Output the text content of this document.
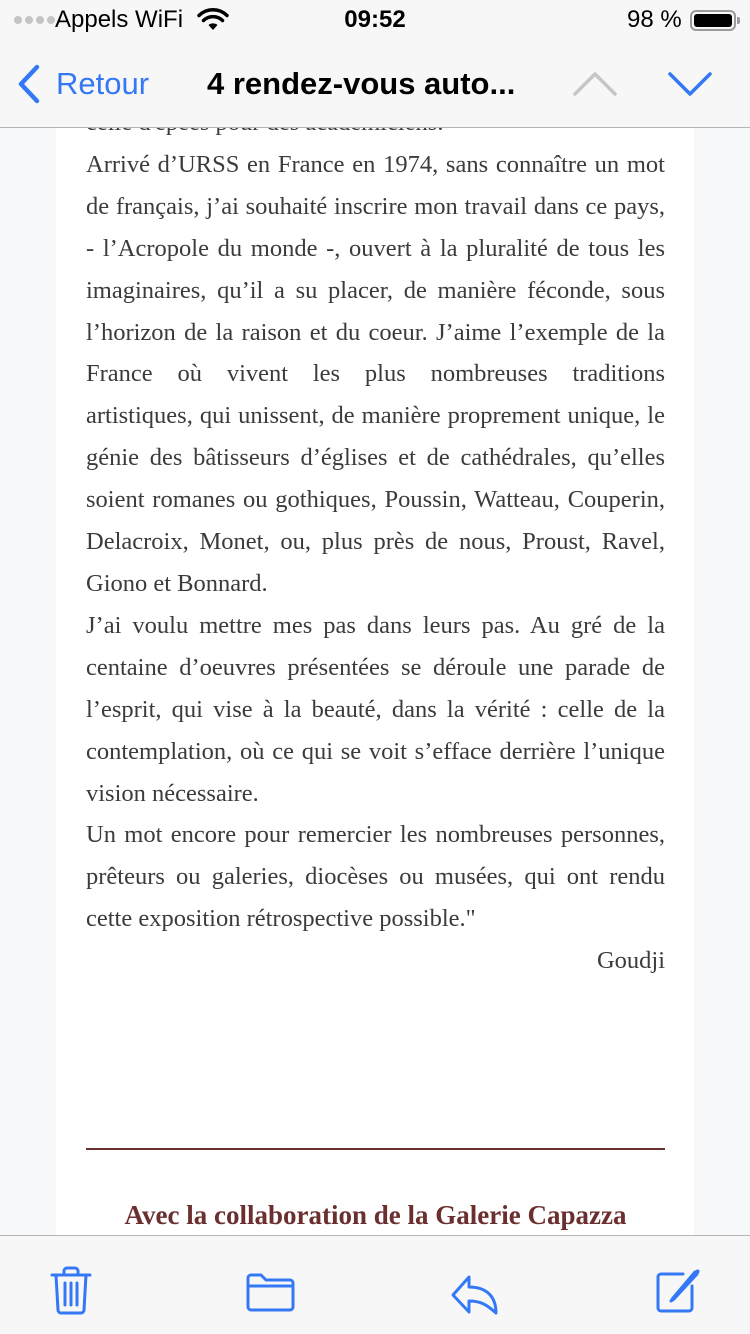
Appels WiFi	09:52	98 %
Retour 4 rendez-vous auto...

Arrivé d’URSS en France en 1974, sans connaître un mot de français, j’ai souhaité inscrire mon travail dans ce pays, - l’Acropole du monde -, ouvert à la pluralité de tous les imaginaires, qu’il a su placer, de manière féconde, sous l’horizon de la raison et du coeur. J’aime l’exemple de la France où vivent les plus nombreuses traditions artistiques, qui unissent, de manière proprement unique, le génie des bâtisseurs d’églises et de cathédrales, qu’elles soient romanes ou gothiques, Poussin, Watteau, Couperin, Delacroix, Monet, ou, plus près de nous, Proust, Ravel, Giono et Bonnard.

J’ai voulu mettre mes pas dans leurs pas. Au gré de la centaine d’oeuvres présentées se déroule une parade de l’esprit, qui vise à la beauté, dans la vérité : celle de la contemplation, où ce qui se voit s’efface derrière l’unique vision nécessaire.

Un mot encore pour remercier les nombreuses personnes, prêteurs ou galeries, diocèses ou musées, qui ont rendu cette exposition rétrospective possible."

Goudji

Avec la collaboration de la Galerie Capazza
